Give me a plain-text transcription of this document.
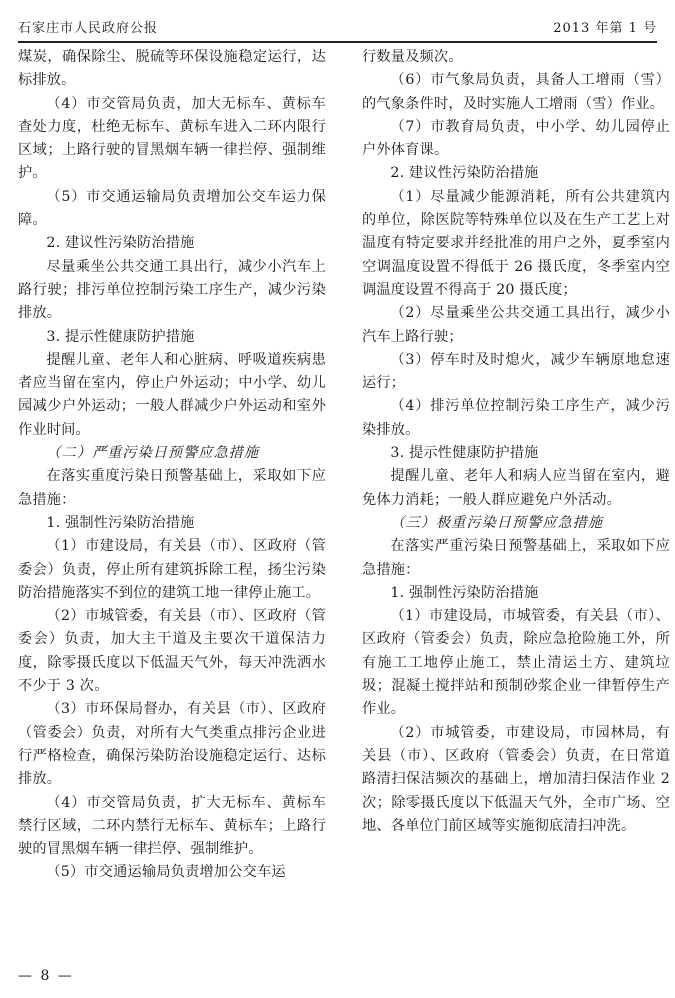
石家庄市人民政府公报	2013 年第 1 号

煤炭，确保除尘、脱硫等环保设施稳定运行，达标排放。

（4）市交管局负责，加大无标车、黄标车查处力度，杜绝无标车、黄标车进入二环内限行区域；上路行驶的冒黑烟车辆一律拦停、强制维护。

（5）市交通运输局负责增加公交车运力保障。

2. 建议性污染防治措施

尽量乘坐公共交通工具出行，减少小汽车上路行驶；排污单位控制污染工序生产，减少污染排放。

3. 提示性健康防护措施

提醒儿童、老年人和心脏病、呼吸道疾病患者应当留在室内，停止户外运动；中小学、幼儿园减少户外运动；一般人群减少户外运动和室外作业时间。

（二）严重污染日预警应急措施

在落实重度污染日预警基础上，采取如下应急措施：

1. 强制性污染防治措施

（1）市建设局，有关县（市）、区政府（管委会）负责，停止所有建筑拆除工程，扬尘污染防治措施落实不到位的建筑工地一律停止施工。

（2）市城管委，有关县（市）、区政府（管委会）负责，加大主干道及主要次干道保洁力度，除零摄氏度以下低温天气外，每天冲洗洒水不少于 3 次。

（3）市环保局督办，有关县（市）、区政府（管委会）负责，对所有大气类重点排污企业进行严格检查，确保污染防治设施稳定运行、达标排放。

（4）市交管局负责，扩大无标车、黄标车禁行区域，二环内禁行无标车、黄标车；上路行驶的冒黑烟车辆一律拦停、强制维护。

（5）市交通运输局负责增加公交车运

行数量及频次。

（6）市气象局负责，具备人工增雨（雪）的气象条件时，及时实施人工增雨（雪）作业。

（7）市教育局负责，中小学、幼儿园停止户外体育课。

2. 建议性污染防治措施

（1）尽量减少能源消耗，所有公共建筑内的单位，除医院等特殊单位以及在生产工艺上对温度有特定要求并经批准的用户之外，夏季室内空调温度设置不得低于 26 摄氏度，冬季室内空调温度设置不得高于 20 摄氏度；

（2）尽量乘坐公共交通工具出行，减少小汽车上路行驶；

（3）停车时及时熄火，减少车辆原地怠速运行；

（4）排污单位控制污染工序生产，减少污染排放。

3. 提示性健康防护措施

提醒儿童、老年人和病人应当留在室内，避免体力消耗；一般人群应避免户外活动。

（三）极重污染日预警应急措施

在落实严重污染日预警基础上，采取如下应急措施：

1. 强制性污染防治措施

（1）市建设局，市城管委，有关县（市）、区政府（管委会）负责，除应急抢险施工外，所有施工工地停止施工，禁止清运土方、建筑垃圾；混凝土搅拌站和预制砂浆企业一律暂停生产作业。

（2）市城管委，市建设局，市园林局，有关县（市）、区政府（管委会）负责，在日常道路清扫保洁频次的基础上，增加清扫保洁作业 2 次；除零摄氏度以下低温天气外，全市广场、空地、各单位门前区域等实施彻底清扫冲洗。

— 8 —
